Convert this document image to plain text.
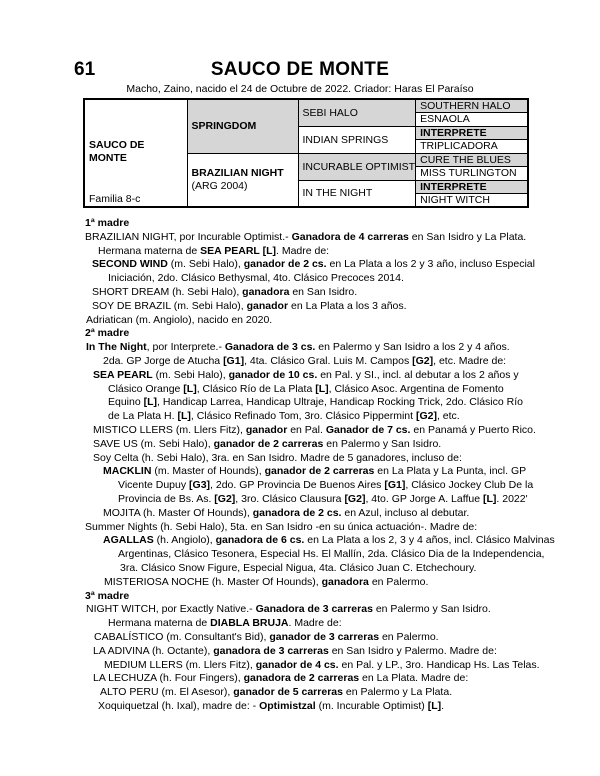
61	SAUCO DE MONTE
Macho, Zaino, nacido el 24 de Octubre de 2022. Criador: Haras El Paraíso
SAUCO DE
MONTE
Familia 8-c	SPRINGDOM	SEBI HALO	SOUTHERN HALO
			ESNAOLA
		INDIAN SPRINGS	INTERPRETE
			TRIPLICADORA

	BRAZILIAN NIGHT
(ARG 2004)	INCURABLE OPTIMIST	CURE THE BLUES
			MISS TURLINGTON
		IN THE NIGHT	INTERPRETE
			NIGHT WITCH
1ª madre
BRAZILIAN NIGHT, por Incurable Optimist.- Ganadora de 4 carreras en San Isidro y La Plata.
Hermana materna de SEA PEARL [L]. Madre de:
SECOND WIND (m. Sebi Halo), ganador de 2 cs. en La Plata a los 2 y 3 año, incluso Especial
Iniciación, 2do. Clásico Bethysmal, 4to. Clásico Precoces 2014.
SHORT DREAM (h. Sebi Halo), ganadora en San Isidro.
SOY DE BRAZIL (m. Sebi Halo), ganador en La Plata a los 3 años.
Adriatican (m. Angiolo), nacido en 2020.
2ª madre
In The Night, por Interprete.- Ganadora de 3 cs. en Palermo y San Isidro a los 2 y 4 años.
2da. GP Jorge de Atucha [G1], 4ta. Clásico Gral. Luis M. Campos [G2], etc. Madre de:
SEA PEARL (m. Sebi Halo), ganador de 10 cs. en Pal. y SI., incl. al debutar a los 2 años y
Clásico Orange [L], Clásico Río de La Plata [L], Clásico Asoc. Argentina de Fomento
Equino [L], Handicap Larrea, Handicap Ultraje, Handicap Rocking Trick, 2do. Clásico Río
de La Plata H. [L], Clásico Refinado Tom, 3ro. Clásico Pippermint [G2], etc.
MISTICO LLERS (m. Llers Fitz), ganador en Pal. Ganador de 7 cs. en Panamá y Puerto Rico.
SAVE US (m. Sebi Halo), ganador de 2 carreras en Palermo y San Isidro.
Soy Celta (h. Sebi Halo), 3ra. en San Isidro. Madre de 5 ganadores, incluso de:
MACKLIN (m. Master of Hounds), ganador de 2 carreras en La Plata y La Punta, incl. GP
Vicente Dupuy [G3], 2do. GP Provincia De Buenos Aires [G1], Clásico Jockey Club De la
Provincia de Bs. As. [G2], 3ro. Clásico Clausura [G2], 4to. GP Jorge A. Laffue [L]. 2022'
MOJITA (h. Master Of Hounds), ganadora de 2 cs. en Azul, incluso al debutar.
Summer Nights (h. Sebi Halo), 5ta. en San Isidro -en su única actuación-. Madre de:
AGALLAS (h. Angiolo), ganadora de 6 cs. en La Plata a los 2, 3 y 4 años, incl. Clásico Malvinas
Argentinas, Clásico Tesonera, Especial Hs. El Mallín, 2da. Clásico Dia de la Independencia,
3ra. Clásico Snow Figure, Especial Nigua, 4ta. Clásico Juan C. Etchechoury.
MISTERIOSA NOCHE (h. Master Of Hounds), ganadora en Palermo.
3ª madre
NIGHT WITCH, por Exactly Native.- Ganadora de 3 carreras en Palermo y San Isidro.
Hermana materna de DIABLA BRUJA. Madre de:
CABALÍSTICO (m. Consultant's Bid), ganador de 3 carreras en Palermo.
LA ADIVINA (h. Octante), ganadora de 3 carreras en San Isidro y Palermo. Madre de:
MEDIUM LLERS (m. Llers Fitz), ganador de 4 cs. en Pal. y LP., 3ro. Handicap Hs. Las Telas.
LA LECHUZA (h. Four Fingers), ganadora de 2 carreras en La Plata. Madre de:
ALTO PERU (m. El Asesor), ganador de 5 carreras en Palermo y La Plata.
Xoquiquetzal (h. Ixal), madre de: - Optimistzal (m. Incurable Optimist) [L].
